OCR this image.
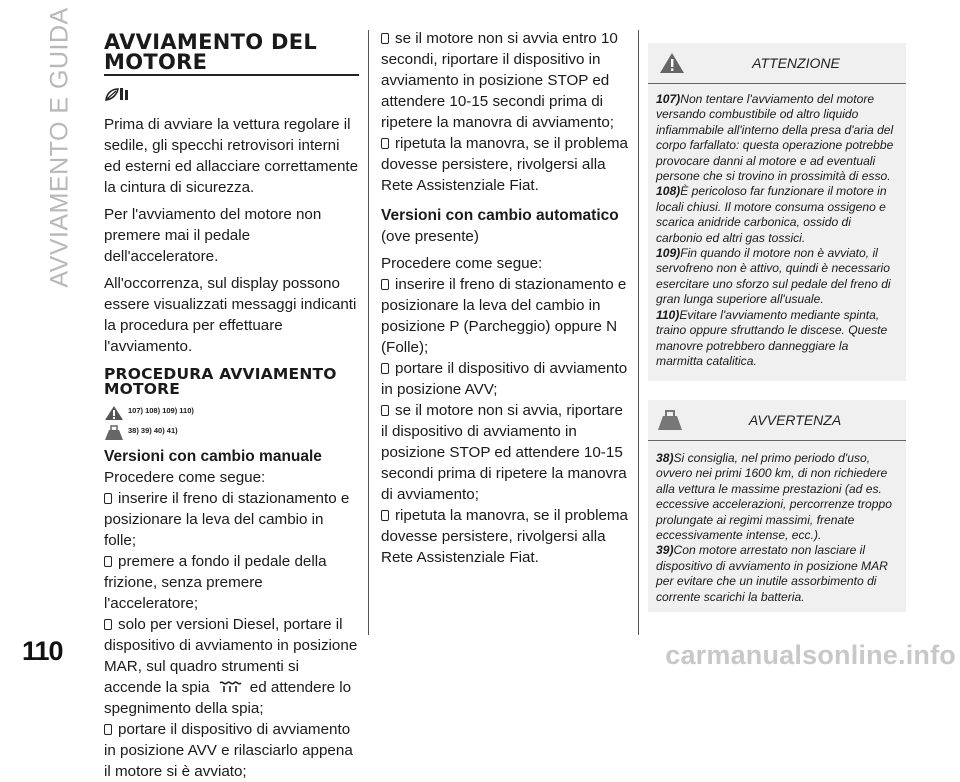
AVVIAMENTO E GUIDA AVVIAMENTO DEL MOTORE

Prima di avviare la vettura regolare il sedile, gli specchi retrovisori interni ed esterni ed allacciare correttamente la cintura di sicurezza.

Per l'avviamento del motore non premere mai il pedale dell'acceleratore.

All'occorrenza, sul display possono essere visualizzati messaggi indicanti la procedura per effettuare l'avviamento.

PROCEDURA AVVIAMENTO MOTORE
107) 108) 109) 110)
38) 39) 40) 41)
Versioni con cambio manuale

Procedere come segue:

inserire il freno di stazionamento e posizionare la leva del cambio in folle;

premere a fondo il pedale della frizione, senza premere l'acceleratore;

solo per versioni Diesel, portare il dispositivo di avviamento in posizione MAR, sul quadro strumenti si accende la spia	ed attendere lo spegnimento della spia;

portare il dispositivo di avviamento in posizione AVV e rilasciarlo appena il motore si è avviato;

se il motore non si avvia entro 10 secondi, riportare il dispositivo in avviamento in posizione STOP ed attendere 10-15 secondi prima di ripetere la manovra di avviamento;

ripetuta la manovra, se il problema dovesse persistere, rivolgersi alla Rete Assistenziale Fiat.

Versioni con cambio automatico

(ove presente)

Procedere come segue:

inserire il freno di stazionamento e posizionare la leva del cambio in posizione P (Parcheggio) oppure N (Folle);

portare il dispositivo di avviamento in posizione AVV;

se il motore non si avvia, riportare il dispositivo di avviamento in posizione STOP ed attendere 10-15 secondi prima di ripetere la manovra di avviamento;

ripetuta la manovra, se il problema dovesse persistere, rivolgersi alla Rete Assistenziale Fiat.

ATTENZIONE

107)Non tentare l'avviamento del motore versando combustibile od altro liquido infiammabile all'interno della presa d'aria del corpo farfallato: questa operazione potrebbe provocare danni al motore e ad eventuali persone che si trovino in prossimità di esso.

108)È pericoloso far funzionare il motore in locali chiusi. Il motore consuma ossigeno e scarica anidride carbonica, ossido di carbonio ed altri gas tossici.

109)Fin quando il motore non è avviato, il servofreno non è attivo, quindi è necessario esercitare uno sforzo sul pedale del freno di gran lunga superiore all'usuale.

110)Evitare l'avviamento mediante spinta, traino oppure sfruttando le discese. Queste manovre potrebbero danneggiare la marmitta catalitica.

AVVERTENZA

38)Si consiglia, nel primo periodo d'uso, ovvero nei primi 1600 km, di non richiedere alla vettura le massime prestazioni (ad es. eccessive accelerazioni, percorrenze troppo prolungate ai regimi massimi, frenate eccessivamente intense, ecc.).

39)Con motore arrestato non lasciare il dispositivo di avviamento in posizione MAR per evitare che un inutile assorbimento di corrente scarichi la batteria.

110	carmanualsonline.info
